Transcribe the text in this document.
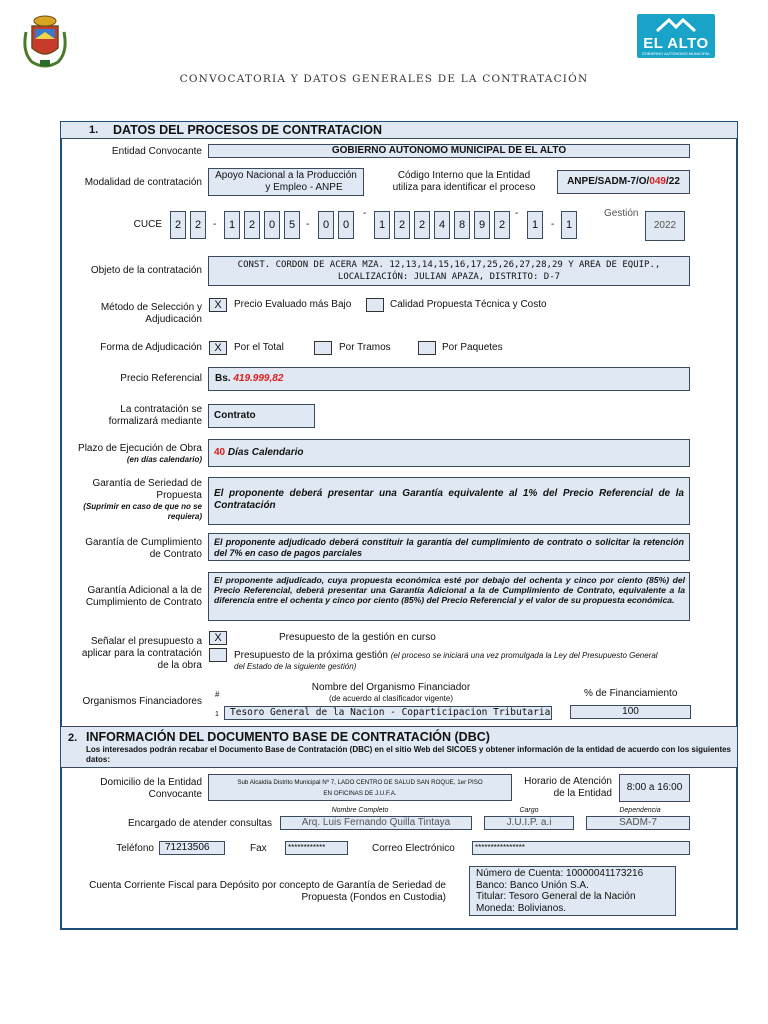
EL ALTO
GOBIERNO AUTÓNOMO MUNICIPAL
CONVOCATORIA Y DATOS GENERALES DE LA CONTRATACIÓN
1. DATOS DEL PROCESOS DE CONTRATACION
Entidad Convocante	GOBIERNO AUTONOMO MUNICIPAL DE EL ALTO
Modalidad de contratación
Apoyo Nacional a la Producción
y Empleo - ANPE
Código Interno que la Entidad
utiliza para identificar el proceso
ANPE/SADM-7/O/049/22
CUCE	2	2	-	1	2	0	5	-	0	0
-
1	2	2	4	8	9	2
-
1	-	1
Gestión
2022
Objeto de la contratación	CONST. CORDON DE ACERA MZA. 12,13,14,15,16,17,25,26,27,28,29 Y AREA DE EQUIP.,
LOCALIZACIÓN: JULIAN APAZA, DISTRITO: D-7
Método de Selección y
Adjudicación
X	Precio Evaluado más Bajo	Calidad Propuesta Técnica y Costo
Forma de Adjudicación	X	Por el Total	Por Tramos	Por Paquetes
Precio Referencial	Bs. 419.999,82
La contratación se
formalizará mediante
Contrato
Plazo de Ejecución de Obra
(en días calendario)
40 Días Calendario
Garantía de Seriedad de
Propuesta
(Suprimir en caso de que no se
requiera)
El proponente deberá presentar una Garantía equivalente al 1% del Precio Referencial de la Contratación
Garantía de Cumplimiento
de Contrato
El proponente adjudicado deberá constituir la garantía del cumplimiento de contrato o solicitar la retención del 7% en caso de pagos parciales
Garantía Adicional a la de
Cumplimiento de Contrato
El proponente adjudicado, cuya propuesta económica esté por debajo del ochenta y cinco por ciento (85%) del Precio Referencial, deberá presentar una Garantía Adicional a la de Cumplimiento de Contrato, equivalente a la diferencia entre el ochenta y cinco por ciento (85%) del Precio Referencial y el valor de su propuesta económica.
Señalar el presupuesto a
aplicar para la contratación
de la obra
X	Presupuesto de la gestión en curso
Presupuesto de la próxima gestión (el proceso se iniciará una vez promulgada la Ley del Presupuesto General
del Estado de la siguiente gestión)
Organismos Financiadores
#
Nombre del Organismo Financiador
(de acuerdo al clasificador vigente)	% de Financiamiento
1	Tesoro General de la Nacion - Coparticipacion Tributaria	100
2. INFORMACIÓN DEL DOCUMENTO BASE DE CONTRATACIÓN (DBC)
Los interesados podrán recabar el Documento Base de Contratación (DBC) en el sitio Web del SICOES y obtener información de la entidad de acuerdo con los siguientes datos:
Domicilio de la Entidad
Convocante
Sub Alcaldía Distrito Municipal Nº 7, LADO CENTRO DE SALUD SAN ROQUE, 1er PISO
EN OFICINAS DE J.U.F.A.
Horario de Atención
de la Entidad
8:00 a 16:00
Nombre Completo	Cargo	Dependencia
Encargado de atender consultas	Arq. Luis Fernando Quilla Tintaya	J.U.I.P. a.i	SADM-7
Teléfono	71213506	Fax	************	Correo Electrónico	****************
Cuenta Corriente Fiscal para Depósito por concepto de Garantía de Seriedad de
Propuesta (Fondos en Custodia)
Número de Cuenta: 10000041173216
Banco: Banco Unión S.A.
Titular: Tesoro General de la Nación
Moneda: Bolivianos.
